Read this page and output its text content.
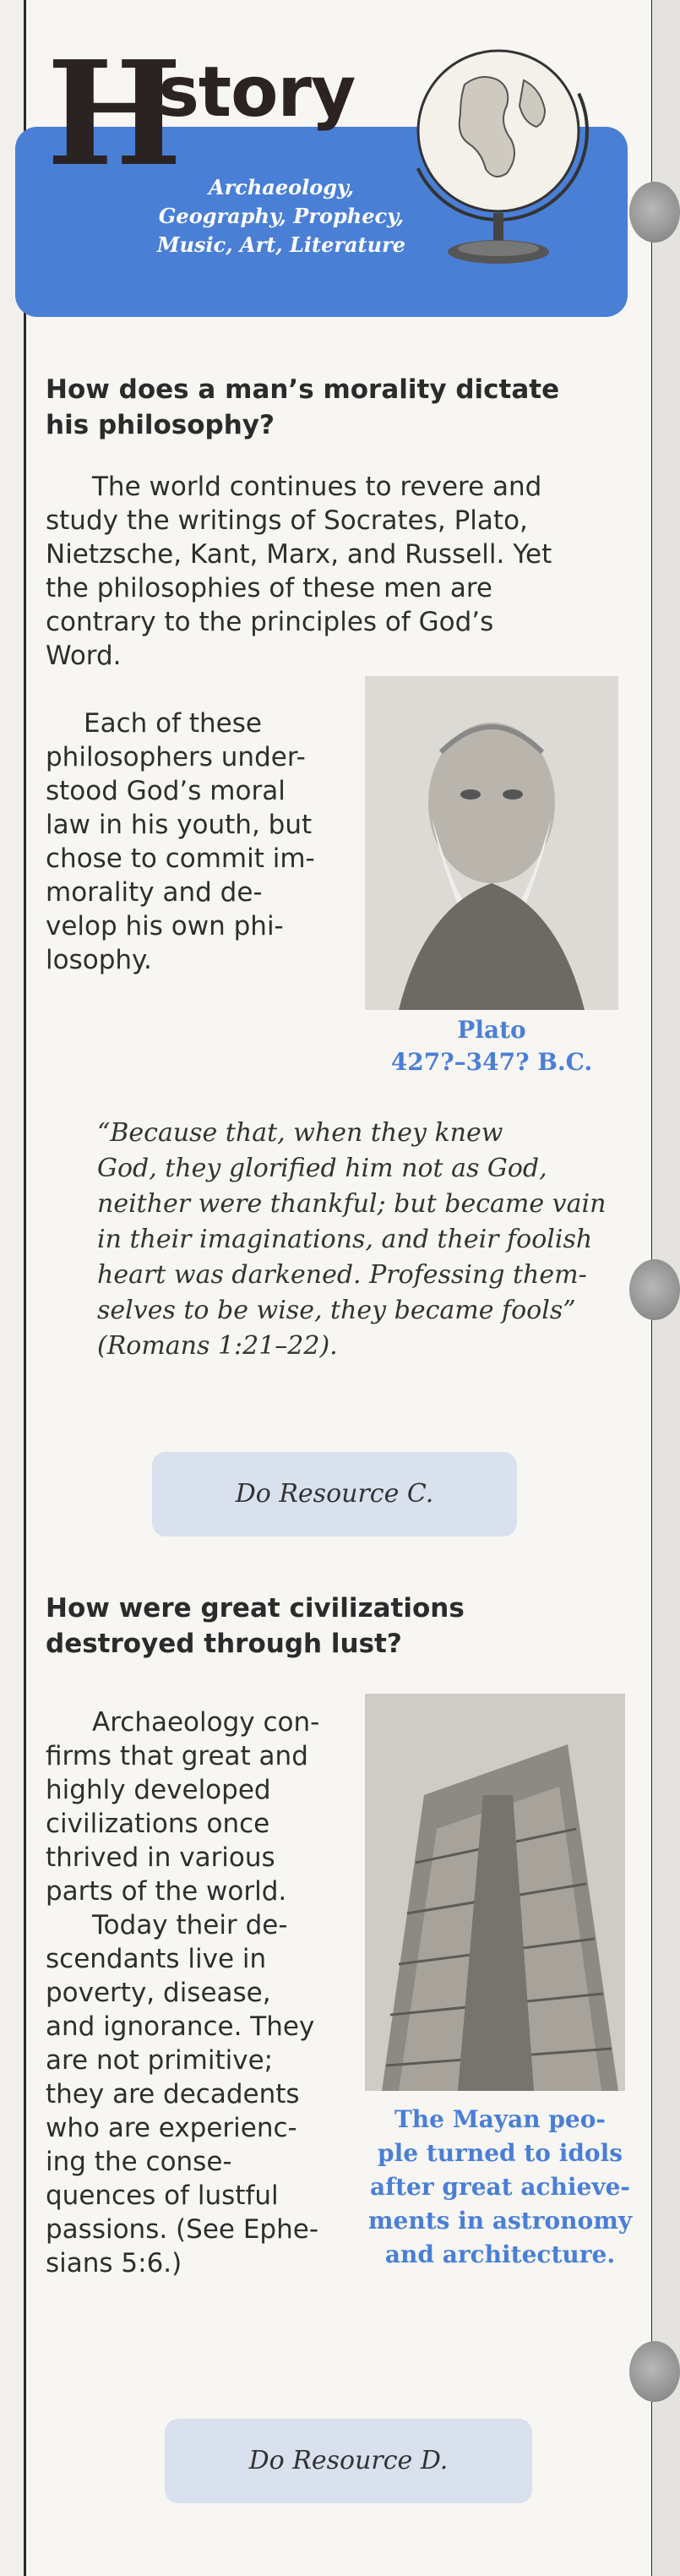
Archaeology,
Geography, Prophecy,
Music, Art, Literature
H
istory
How does a man’s morality dictate
his philosophy?
The world continues to revere and
study the writings of Socrates, Plato,
Nietzsche, Kant, Marx, and Russell. Yet
the philosophies of these men are
contrary to the principles of God’s
Word.
Each of these
philosophers under-
stood God’s moral
law in his youth, but
chose to commit im-
morality and de-
velop his own phi-
losophy.
Plato
427?–347? B.C.
“Because that, when they knew
God, they glorified him not as God,
neither were thankful; but became vain
in their imaginations, and their foolish
heart was darkened. Professing them-
selves to be wise, they became fools”
(Romans 1:21–22).
Do Resource C.
How were great civilizations
destroyed through lust?
Archaeology con-
firms that great and
highly developed
civilizations once
thrived in various
parts of the world.
Today their de-
scendants live in
poverty, disease,
and ignorance. They
are not primitive;
they are decadents
who are experienc-
ing the conse-
quences of lustful
passions. (See Ephe-
sians 5:6.)
The Mayan peo-
ple turned to idols
after great achieve-
ments in astronomy
and architecture.
Do Resource D.
